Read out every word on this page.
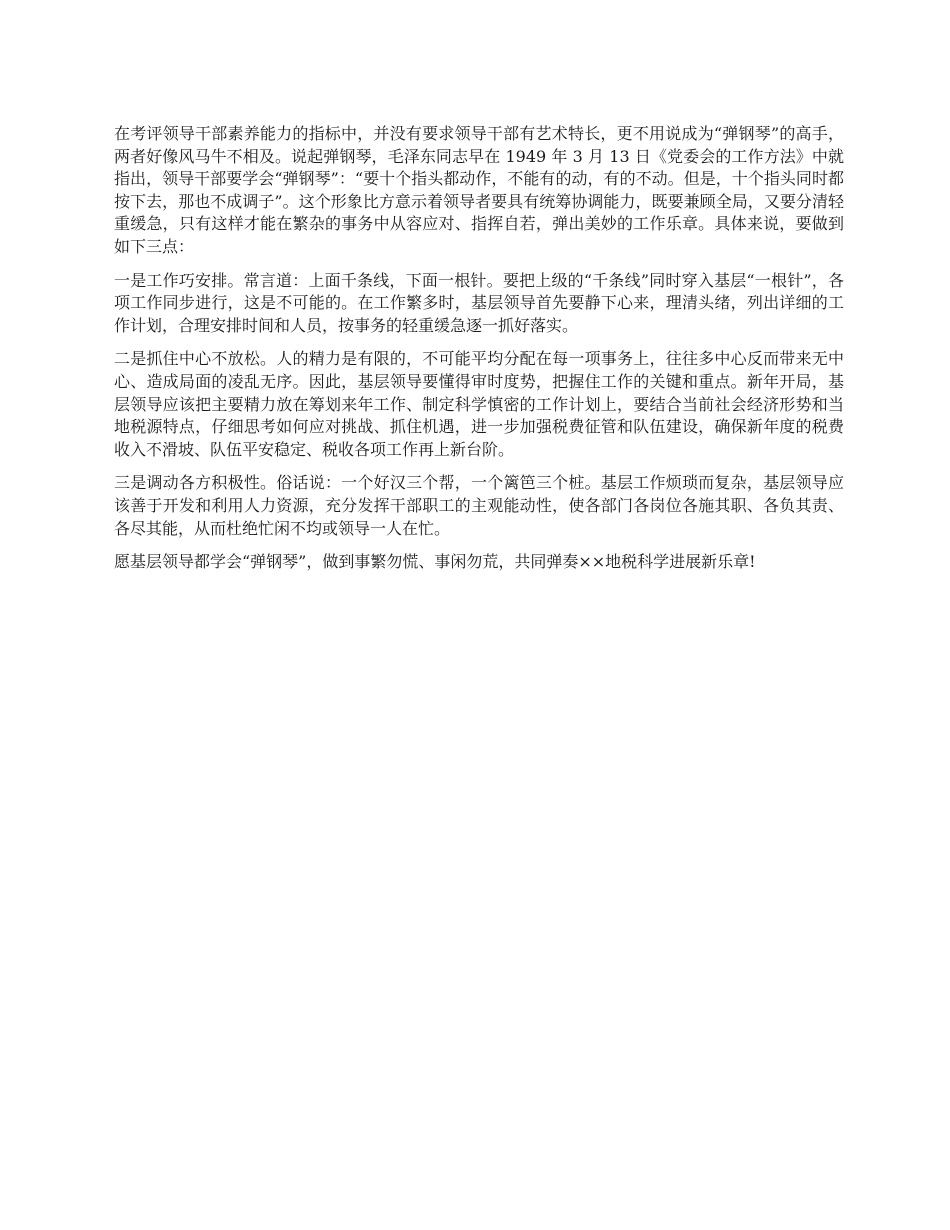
在考评领导干部素养能力的指标中，并没有要求领导干部有艺术特长，更不用说成为“弹钢琴”的高手，两者好像风马牛不相及。说起弹钢琴，毛泽东同志早在 1949 年 3 月 13 日《党委会的工作方法》中就指出，领导干部要学会“弹钢琴”：“要十个指头都动作，不能有的动，有的不动。但是，十个指头同时都按下去，那也不成调子”。这个形象比方意示着领导者要具有统筹协调能力，既要兼顾全局，又要分清轻重缓急，只有这样才能在繁杂的事务中从容应对、指挥自若，弹出美妙的工作乐章。具体来说，要做到如下三点：

一是工作巧安排。常言道：上面千条线，下面一根针。要把上级的“千条线”同时穿入基层“一根针”，各项工作同步进行，这是不可能的。在工作繁多时，基层领导首先要静下心来，理清头绪，列出详细的工作计划，合理安排时间和人员，按事务的轻重缓急逐一抓好落实。

二是抓住中心不放松。人的精力是有限的，不可能平均分配在每一项事务上，往往多中心反而带来无中心、造成局面的凌乱无序。因此，基层领导要懂得审时度势，把握住工作的关键和重点。新年开局，基层领导应该把主要精力放在筹划来年工作、制定科学慎密的工作计划上，要结合当前社会经济形势和当地税源特点，仔细思考如何应对挑战、抓住机遇，进一步加强税费征管和队伍建设，确保新年度的税费收入不滑坡、队伍平安稳定、税收各项工作再上新台阶。

三是调动各方积极性。俗话说：一个好汉三个帮，一个篱笆三个桩。基层工作烦琐而复杂，基层领导应该善于开发和利用人力资源，充分发挥干部职工的主观能动性，使各部门各岗位各施其职、各负其责、各尽其能，从而杜绝忙闲不均或领导一人在忙。

愿基层领导都学会“弹钢琴”，做到事繁勿慌、事闲勿荒，共同弹奏××地税科学进展新乐章!
